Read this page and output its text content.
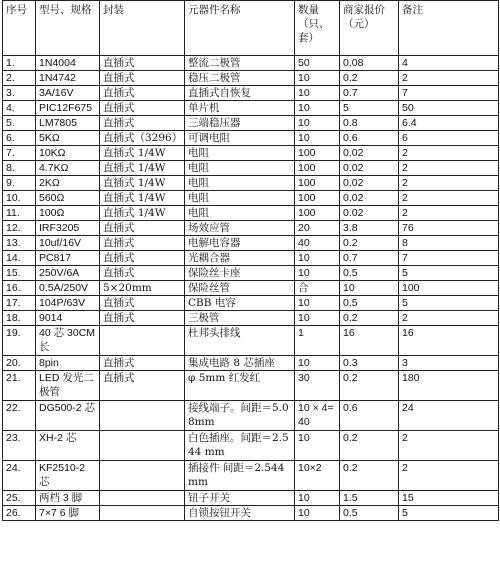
序号	型号、规格	封装	元器件名称	数量（只、套）	商家报价（元）	备注
1.	1N4004	直插式	整流二极管	50	0.08	4
2.	1N4742	直插式	稳压二极管	10	0.2	2
3.	3A/16V	直插式	直插式自恢复	10	0.7	7
4.	PIC12F675	直插式	单片机	10	5	50
5.	LM7805	直插式	三端稳压器	10	0.8	6.4
6.	5KΩ	直插式（3296）	可调电阻	10	0.6	6
7.	10KΩ	直插式 1/4W	电阻	100	0.02	2
8.	4.7KΩ	直插式 1/4W	电阻	100	0.02	2
9.	2KΩ	直插式 1/4W	电阻	100	0.02	2
10.	560Ω	直插式 1/4W	电阻	100	0.02	2
11.	100Ω	直插式 1/4W	电阻	100	0.02	2
12.	IRF3205	直插式	场效应管	20	3.8	76
13.	10uf/16V	直插式	电解电容器	40	0.2	8
14.	PC817	直插式	光耦合器	10	0.7	7
15.	250V/6A	直插式	保险丝卡座	10	0.5	5
16.	0.5A/250V	5×20mm	保险丝管	合	10	100
17.	104P/63V	直插式	CBB 电容	10	0.5	5
18.	9014	直插式	三极管	10	0.2	2
19.	40 芯 30CM 长		杜邦头排线	1	16	16
20.	8pin	直插式	集成电路 8 芯插座	10	0.3	3
21.	LED 发光二极管	直插式	φ 5mm 红发红	30	0.2	180
22.	DG500-2 芯		接线端子。间距＝5.08mm	10 × 4=40	0.6	24
23.	XH-2 芯		白色插座。间距＝2.544 mm	10	0.2	2
24.	KF2510-2 芯		插接件 间距＝2.544 mm	10×2	0.2	2
25.	两档 3 脚		钮子开关	10	1.5	15
26.	7×7 6 脚		自锁按钮开关	10	0.5	5
